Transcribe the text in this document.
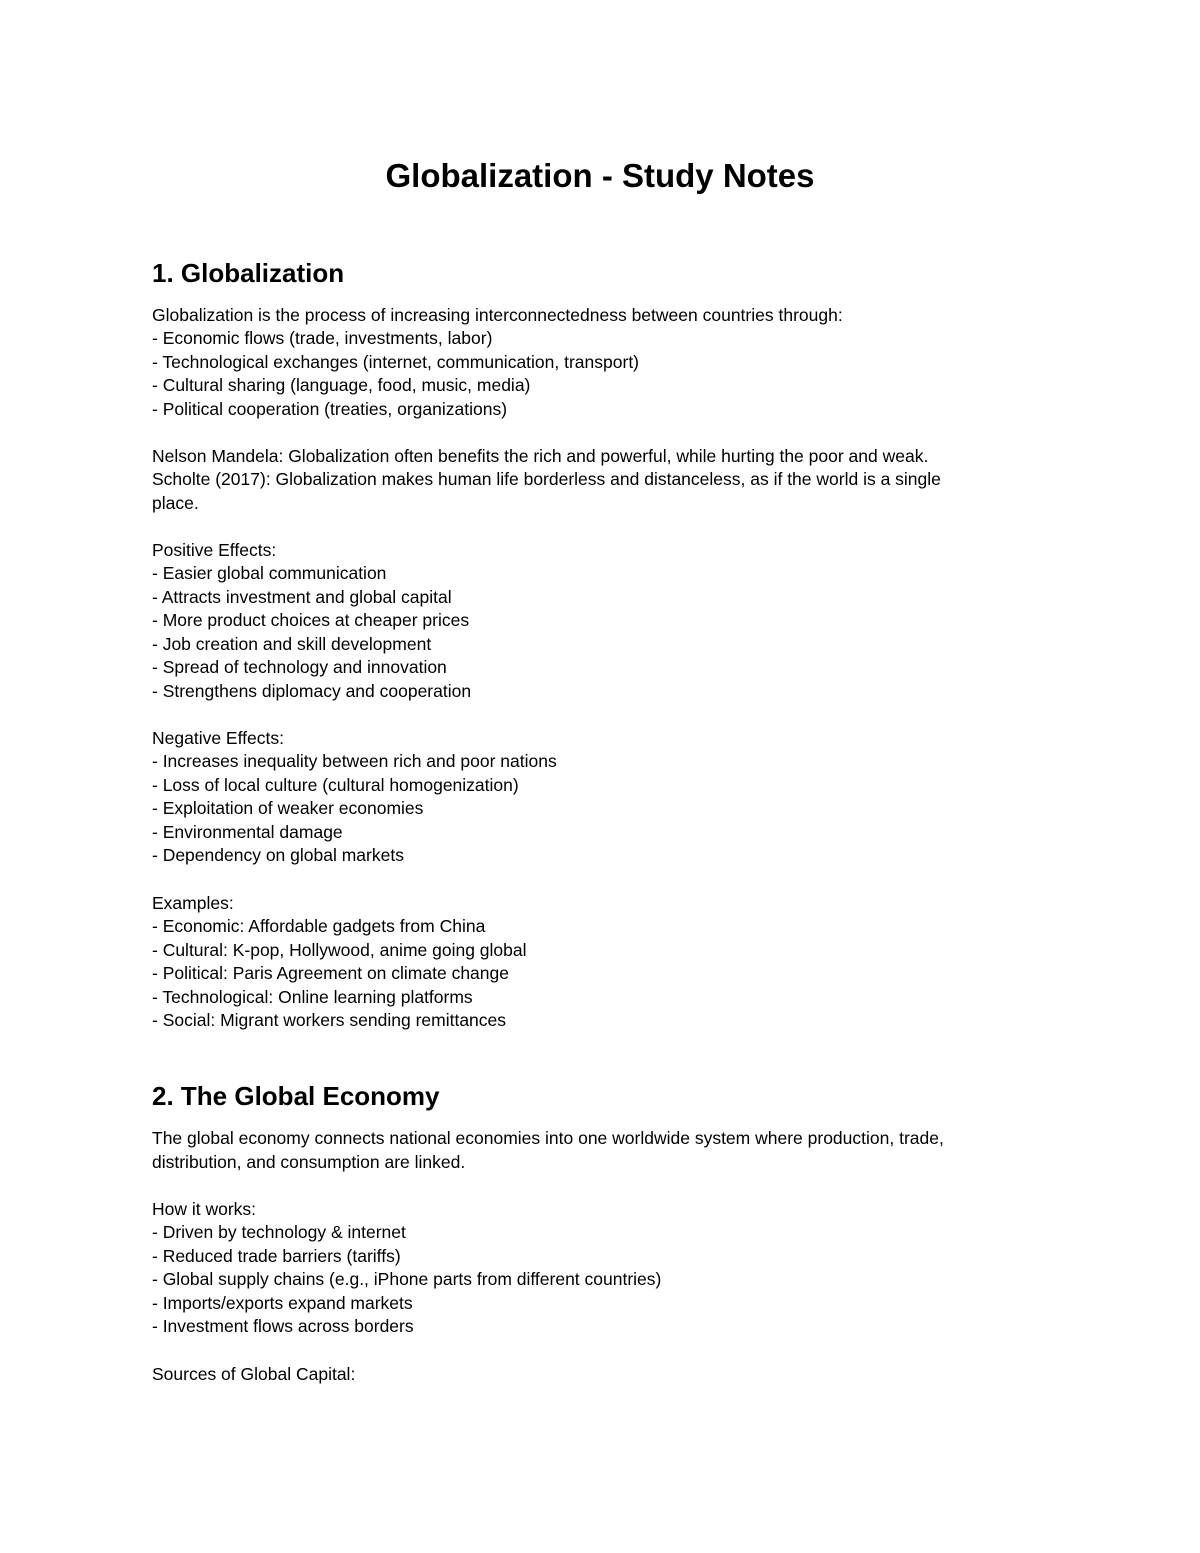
Globalization - Study Notes
1. Globalization

Globalization is the process of increasing interconnectedness between countries through:

- Economic flows (trade, investments, labor)

- Technological exchanges (internet, communication, transport)

- Cultural sharing (language, food, music, media)

- Political cooperation (treaties, organizations)

Nelson Mandela: Globalization often benefits the rich and powerful, while hurting the poor and weak.

Scholte (2017): Globalization makes human life borderless and distanceless, as if the world is a single

place.

Positive Effects:

- Easier global communication

- Attracts investment and global capital

- More product choices at cheaper prices

- Job creation and skill development

- Spread of technology and innovation

- Strengthens diplomacy and cooperation

Negative Effects:

- Increases inequality between rich and poor nations

- Loss of local culture (cultural homogenization)

- Exploitation of weaker economies

- Environmental damage

- Dependency on global markets

Examples:

- Economic: Affordable gadgets from China

- Cultural: K-pop, Hollywood, anime going global

- Political: Paris Agreement on climate change

- Technological: Online learning platforms

- Social: Migrant workers sending remittances

2. The Global Economy

The global economy connects national economies into one worldwide system where production, trade,

distribution, and consumption are linked.

How it works:

- Driven by technology & internet

- Reduced trade barriers (tariffs)

- Global supply chains (e.g., iPhone parts from different countries)

- Imports/exports expand markets

- Investment flows across borders

Sources of Global Capital:
